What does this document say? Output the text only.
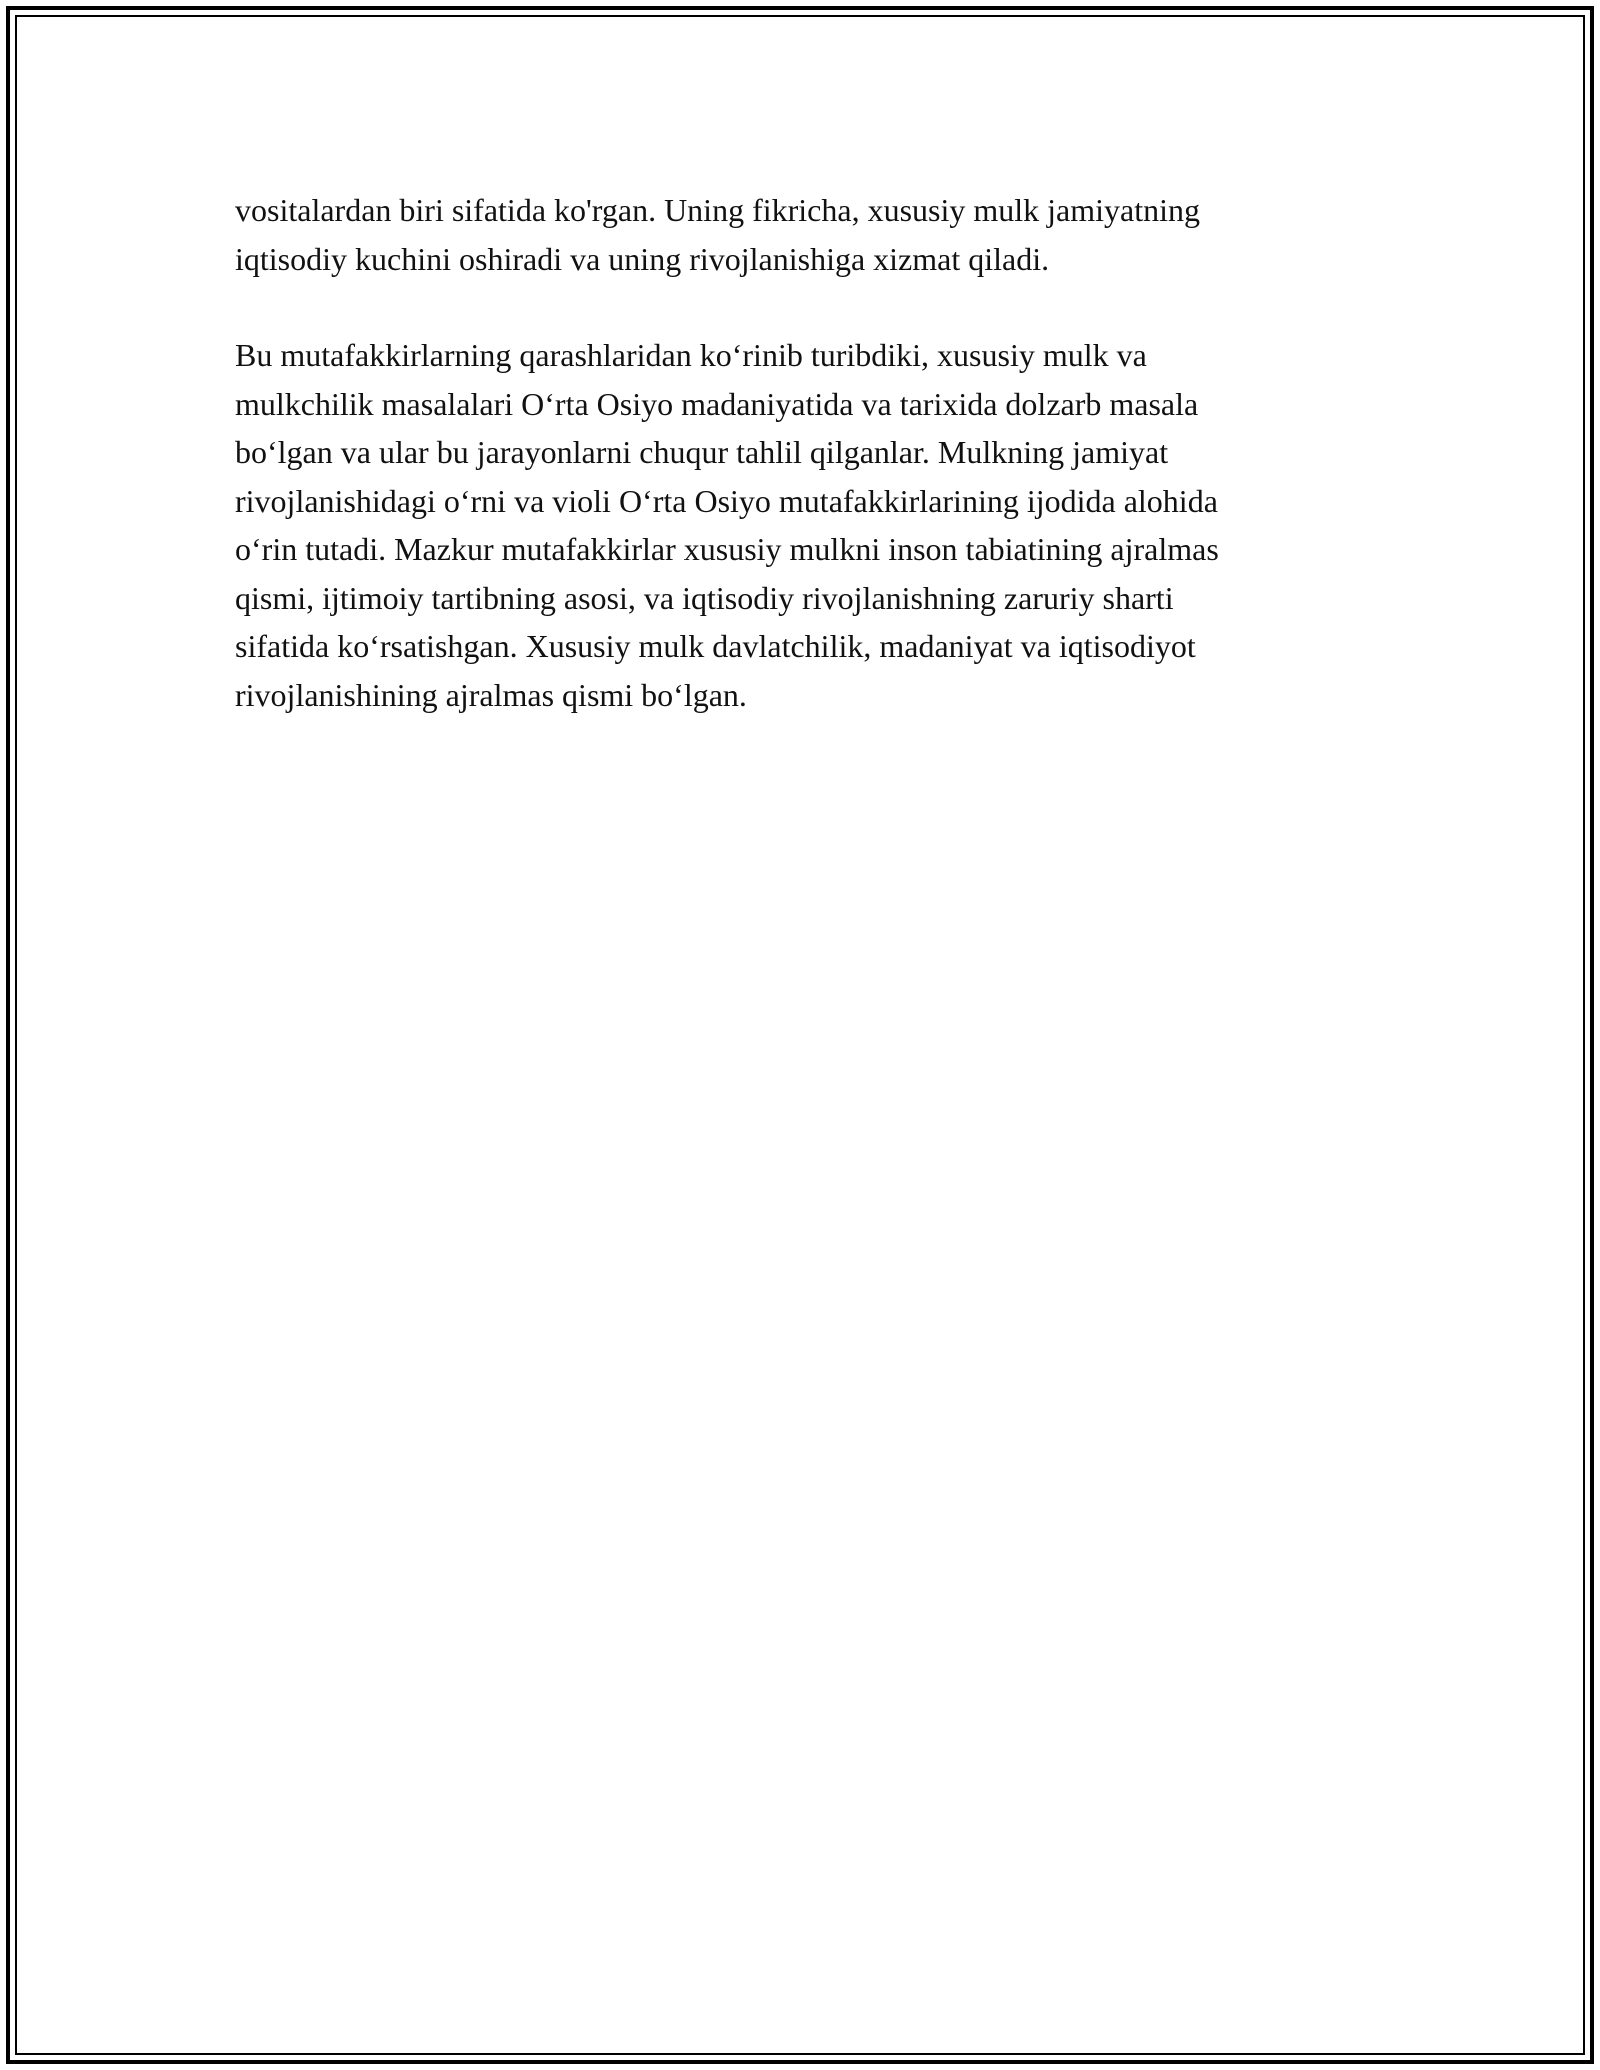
vositalardan biri sifatida ko'rgan. Uning fikricha, xususiy mulk jamiyatning
iqtisodiy kuchini oshiradi va uning rivojlanishiga xizmat qiladi.

Bu mutafakkirlarning qarashlaridan koʻrinib turibdiki, xususiy mulk va
mulkchilik masalalari Oʻrta Osiyo madaniyatida va tarixida dolzarb masala
boʻlgan va ular bu jarayonlarni chuqur tahlil qilganlar. Mulkning jamiyat
rivojlanishidagi oʻrni va violi Oʻrta Osiyo mutafakkirlarining ijodida alohida
oʻrin tutadi. Mazkur mutafakkirlar xususiy mulkni inson tabiatining ajralmas
qismi, ijtimoiy tartibning asosi, va iqtisodiy rivojlanishning zaruriy sharti
sifatida koʻrsatishgan. Xususiy mulk davlatchilik, madaniyat va iqtisodiyot
rivojlanishining ajralmas qismi boʻlgan.
